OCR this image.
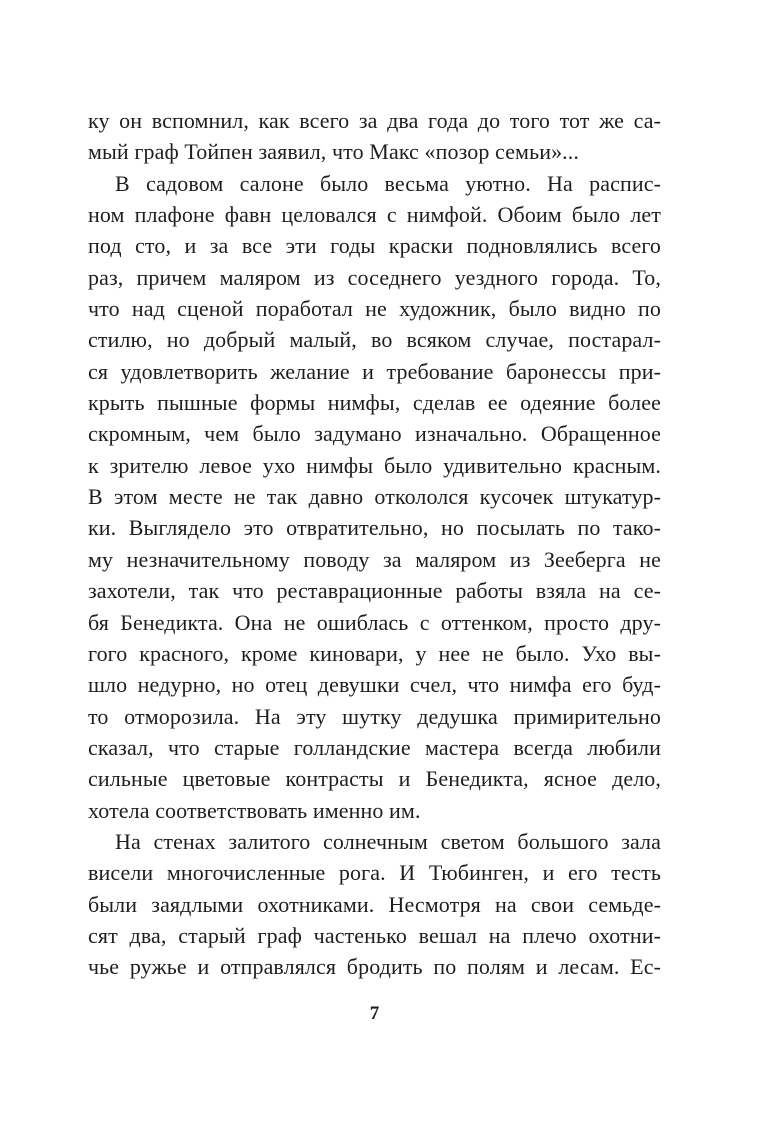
ку он вспомнил, как всего за два года до того тот же са-
мый граф Тойпен заявил, что Макс «позор семьи»...
В садовом салоне было весьма уютно. На распис-
ном плафоне фавн целовался с нимфой. Обоим было лет
под сто, и за все эти годы краски подновлялись всего
раз, причем маляром из соседнего уездного города. То,
что над сценой поработал не художник, было видно по
стилю, но добрый малый, во всяком случае, постарал-
ся удовлетворить желание и требование баронессы при-
крыть пышные формы нимфы, сделав ее одеяние более
скромным, чем было задумано изначально. Обращенное
к зрителю левое ухо нимфы было удивительно красным.
В этом месте не так давно откололся кусочек штукатур-
ки. Выглядело это отвратительно, но посылать по тако-
му незначительному поводу за маляром из Зееберга не
захотели, так что реставрационные работы взяла на се-
бя Бенедикта. Она не ошиблась с оттенком, просто дру-
гого красного, кроме киновари, у нее не было. Ухо вы-
шло недурно, но отец девушки счел, что нимфа его буд-
то отморозила. На эту шутку дедушка примирительно
сказал, что старые голландские мастера всегда любили
сильные цветовые контрасты и Бенедикта, ясное дело,
хотела соответствовать именно им.
На стенах залитого солнечным светом большого зала
висели многочисленные рога. И Тюбинген, и его тесть
были заядлыми охотниками. Несмотря на свои семьде-
сят два, старый граф частенько вешал на плечо охотни-
чье ружье и отправлялся бродить по полям и лесам. Ес-
7
